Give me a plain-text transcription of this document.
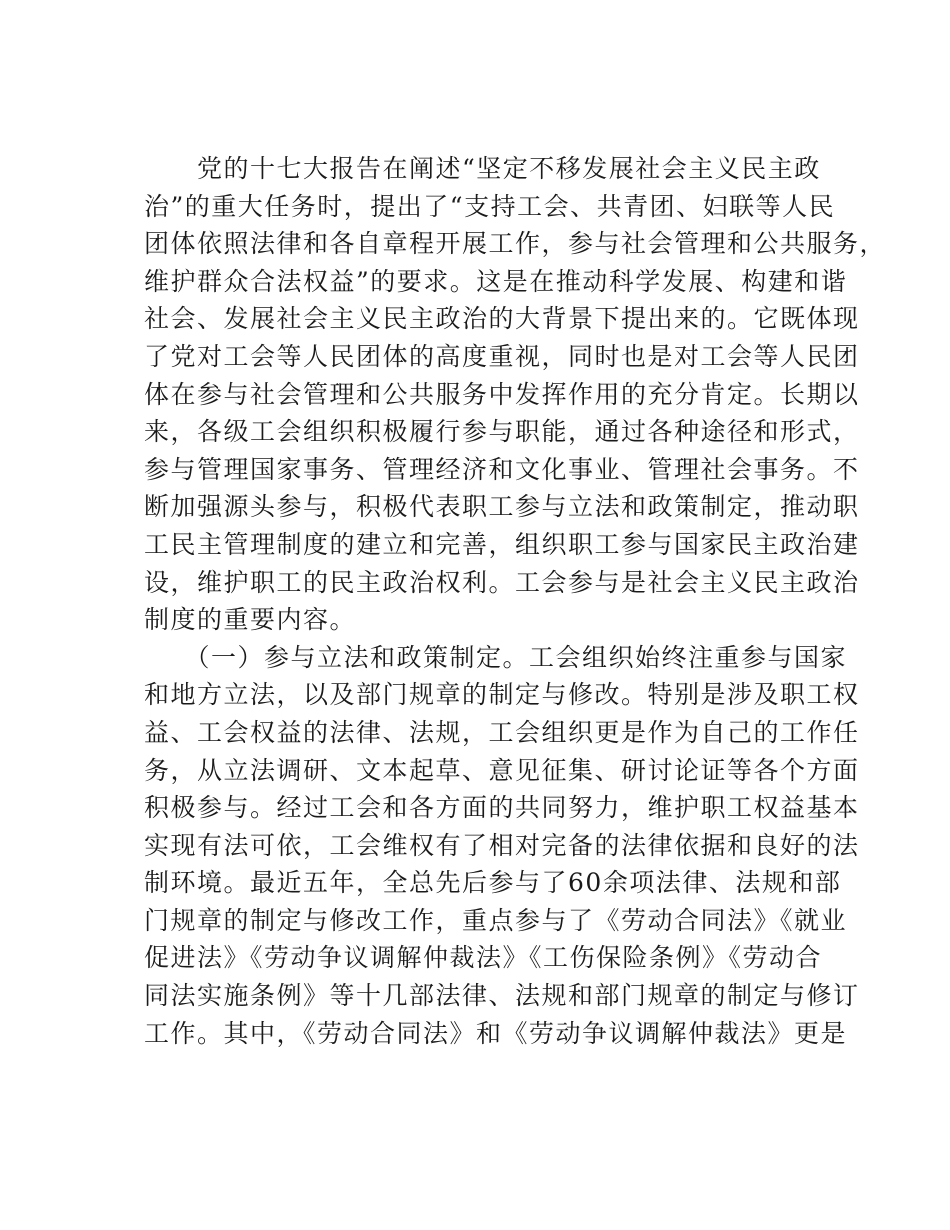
　　党的十七大报告在阐述“坚定不移发展社会主义民主政
治”的重大任务时，提出了“支持工会、共青团、妇联等人民
团体依照法律和各自章程开展工作，参与社会管理和公共服务，
维护群众合法权益”的要求。这是在推动科学发展、构建和谐
社会、发展社会主义民主政治的大背景下提出来的。它既体现
了党对工会等人民团体的高度重视，同时也是对工会等人民团
体在参与社会管理和公共服务中发挥作用的充分肯定。长期以
来，各级工会组织积极履行参与职能，通过各种途径和形式，
参与管理国家事务、管理经济和文化事业、管理社会事务。不
断加强源头参与，积极代表职工参与立法和政策制定，推动职
工民主管理制度的建立和完善，组织职工参与国家民主政治建
设，维护职工的民主政治权利。工会参与是社会主义民主政治
制度的重要内容。
　　（一）参与立法和政策制定。工会组织始终注重参与国家
和地方立法，以及部门规章的制定与修改。特别是涉及职工权
益、工会权益的法律、法规，工会组织更是作为自己的工作任
务，从立法调研、文本起草、意见征集、研讨论证等各个方面
积极参与。经过工会和各方面的共同努力，维护职工权益基本
实现有法可依，工会维权有了相对完备的法律依据和良好的法
制环境。最近五年，全总先后参与了60余项法律、法规和部
门规章的制定与修改工作，重点参与了《劳动合同法》《就业
促进法》《劳动争议调解仲裁法》《工伤保险条例》《劳动合
同法实施条例》等十几部法律、法规和部门规章的制定与修订
工作。其中，《劳动合同法》和《劳动争议调解仲裁法》更是
